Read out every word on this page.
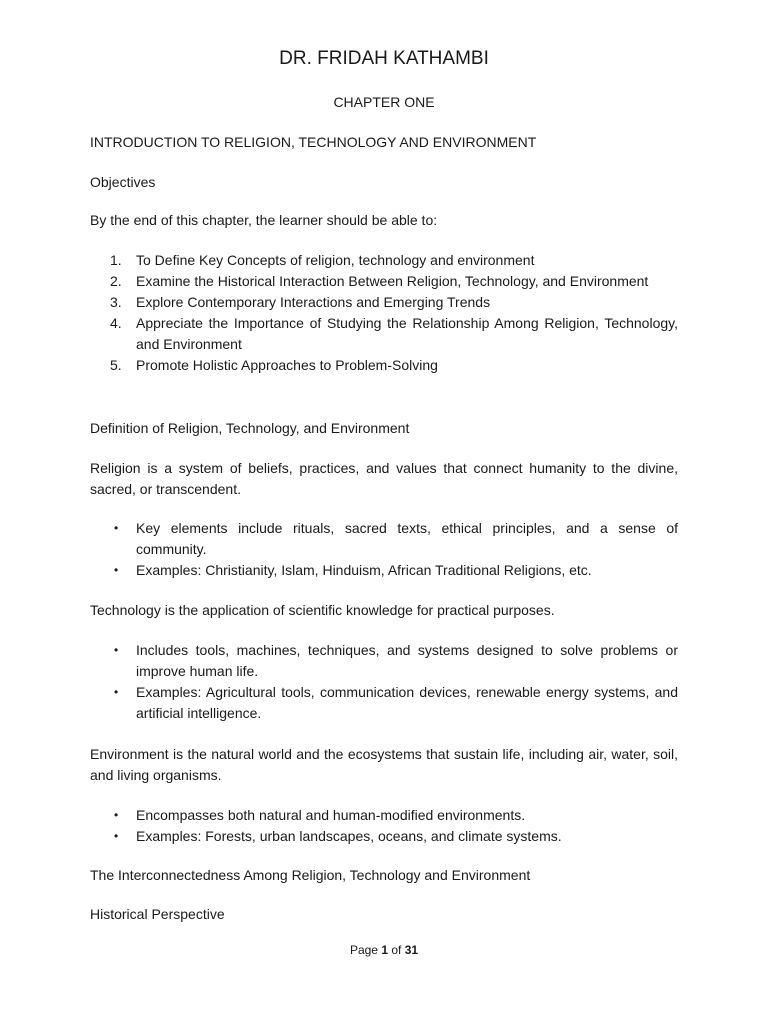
DR. FRIDAH KATHAMBI
CHAPTER ONE
INTRODUCTION TO RELIGION, TECHNOLOGY AND ENVIRONMENT
Objectives
By the end of this chapter, the learner should be able to:
1. To Define Key Concepts of religion, technology and environment
2. Examine the Historical Interaction Between Religion, Technology, and Environment
3. Explore Contemporary Interactions and Emerging Trends
4. Appreciate the Importance of Studying the Relationship Among Religion, Technology, and Environment
5. Promote Holistic Approaches to Problem-Solving
Definition of Religion, Technology, and Environment
Religion is a system of beliefs, practices, and values that connect humanity to the divine, sacred, or transcendent.
• Key elements include rituals, sacred texts, ethical principles, and a sense of community.
• Examples: Christianity, Islam, Hinduism, African Traditional Religions, etc.
Technology is the application of scientific knowledge for practical purposes.
• Includes tools, machines, techniques, and systems designed to solve problems or improve human life.
• Examples: Agricultural tools, communication devices, renewable energy systems, and artificial intelligence.
Environment is the natural world and the ecosystems that sustain life, including air, water, soil, and living organisms.
• Encompasses both natural and human-modified environments.
• Examples: Forests, urban landscapes, oceans, and climate systems.
The Interconnectedness Among Religion, Technology and Environment
Historical Perspective
Page 1 of 31
